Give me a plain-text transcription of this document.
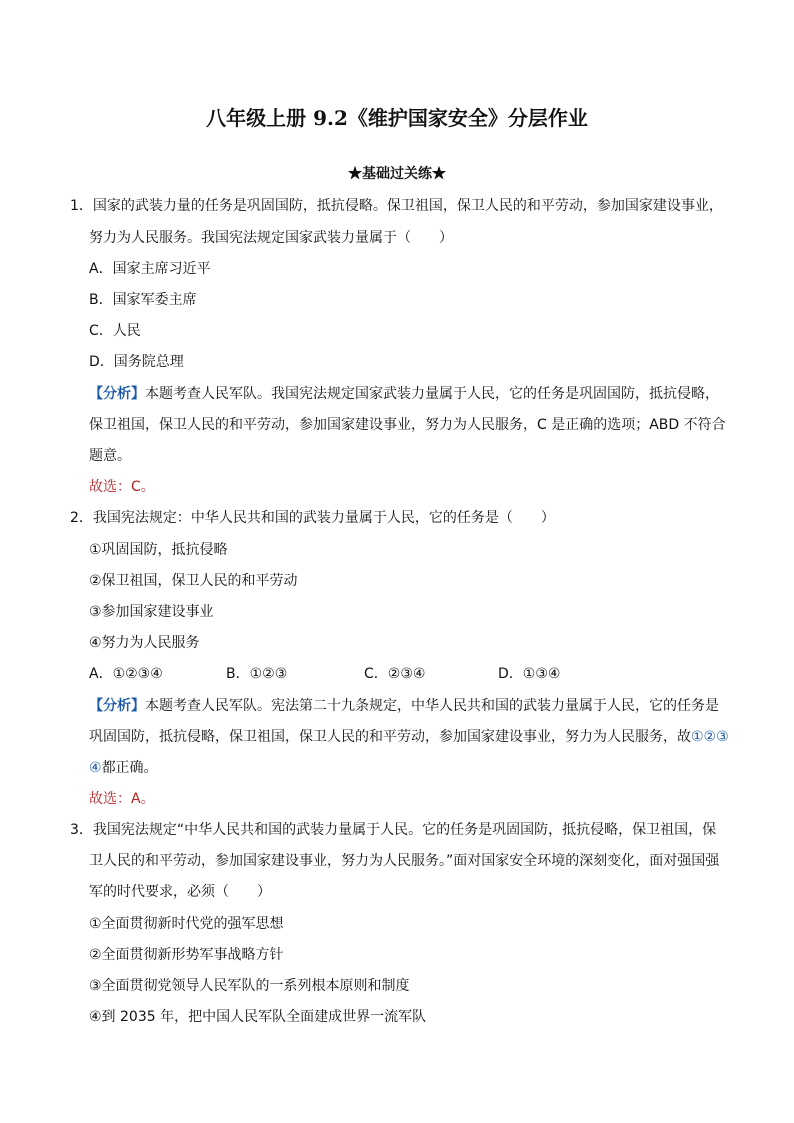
八年级上册 9.2《维护国家安全》分层作业
★基础过关练★
1．国家的武装力量的任务是巩固国防，抵抗侵略。保卫祖国，保卫人民的和平劳动，参加国家建设事业，
努力为人民服务。我国宪法规定国家武装力量属于（　　）
A．国家主席习近平
B．国家军委主席
C．人民
D．国务院总理
【分析】本题考查人民军队。我国宪法规定国家武装力量属于人民，它的任务是巩固国防，抵抗侵略，
保卫祖国，保卫人民的和平劳动，参加国家建设事业，努力为人民服务，C 是正确的选项；ABD 不符合
题意。
故选：C。
2．我国宪法规定：中华人民共和国的武装力量属于人民，它的任务是（　　）
①巩固国防，抵抗侵略
②保卫祖国，保卫人民的和平劳动
③参加国家建设事业
④努力为人民服务
A．①②③④	B．①②③	C．②③④	D．①③④
【分析】本题考查人民军队。宪法第二十九条规定，中华人民共和国的武装力量属于人民，它的任务是
巩固国防，抵抗侵略，保卫祖国，保卫人民的和平劳动，参加国家建设事业，努力为人民服务，故①②③
④都正确。
故选：A。
3．我国宪法规定“中华人民共和国的武装力量属于人民。它的任务是巩固国防，抵抗侵略，保卫祖国，保
卫人民的和平劳动，参加国家建设事业，努力为人民服务。”面对国家安全环境的深刻变化，面对强国强
军的时代要求，必须（　　）
①全面贯彻新时代党的强军思想
②全面贯彻新形势军事战略方针
③全面贯彻党领导人民军队的一系列根本原则和制度
④到 2035 年，把中国人民军队全面建成世界一流军队
